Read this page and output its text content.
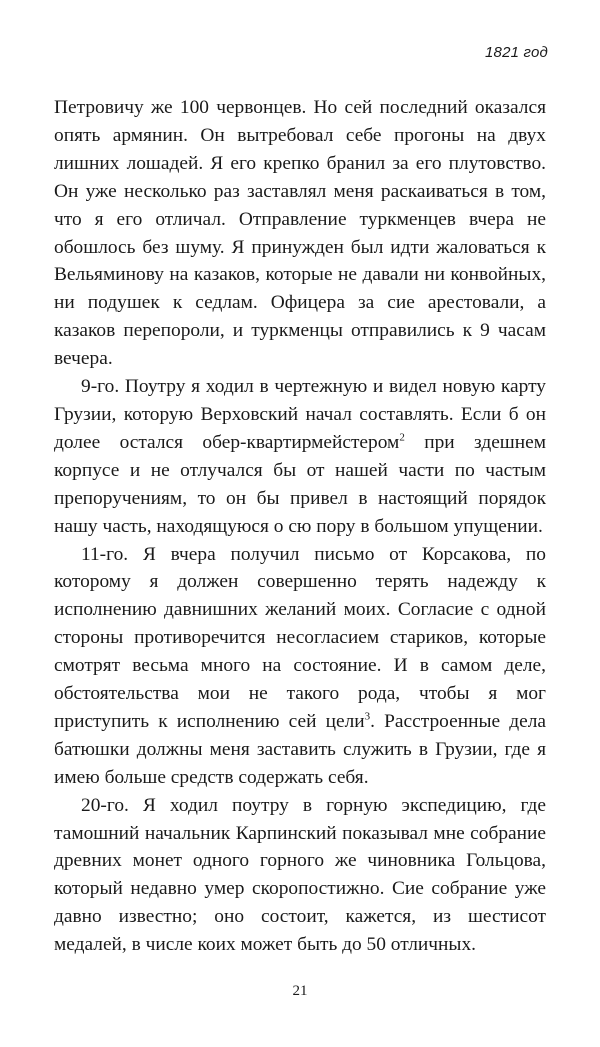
1821 год

Петровичу же 100 червонцев. Но сей последний оказался опять армянин. Он вытребовал себе прогоны на двух лишних лошадей. Я его крепко бранил за его плутовство. Он уже несколько раз заставлял меня раскаиваться в том, что я его отличал. Отправление туркменцев вчера не обошлось без шуму. Я принужден был идти жаловаться к Вельяминову на казаков, которые не давали ни конвойных, ни подушек к седлам. Офицера за сие арестовали, а казаков перепороли, и туркменцы отправились к 9 часам вечера.

9-го. Поутру я ходил в чертежную и видел новую карту Грузии, которую Верховский начал составлять. Если б он долее остался обер-квартирмейстером$^2$ при здешнем корпусе и не отлучался бы от нашей части по частым препоручениям, то он бы привел в настоящий порядок нашу часть, находящуюся о сю пору в большом упущении.

11-го. Я вчера получил письмо от Корсакова, по которому я должен совершенно терять надежду к исполнению давнишних желаний моих. Согласие с одной стороны противоречится несогласием стариков, которые смотрят весьма много на состояние. И в самом деле, обстоятельства мои не такого рода, чтобы я мог приступить к исполнению сей цели$^3$. Расстроенные дела батюшки должны меня заставить служить в Грузии, где я имею больше средств содержать себя.

20-го. Я ходил поутру в горную экспедицию, где тамошний начальник Карпинский показывал мне собрание древних монет одного горного же чиновника Гольцова, который недавно умер скоропостижно. Сие собрание уже давно известно; оно состоит, кажется, из шестисот медалей, в числе коих может быть до 50 отличных.

21
